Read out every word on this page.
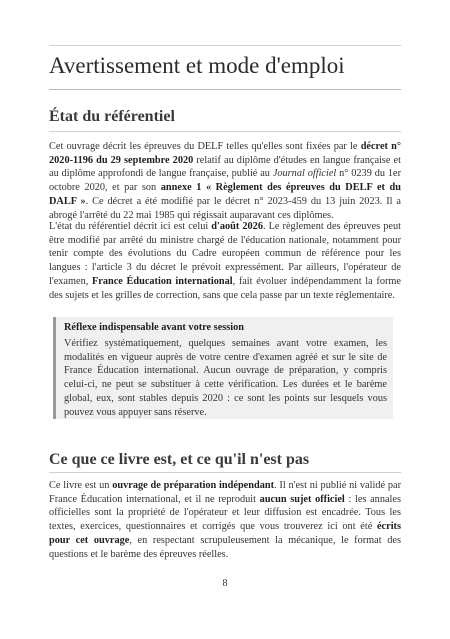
Avertissement et mode d'emploi
État du référentiel

Cet ouvrage décrit les épreuves du DELF telles qu'elles sont fixées par le décret n° 2020-1196 du 29 septembre 2020 relatif au diplôme d'études en langue française et au diplôme approfondi de langue française, publié au Journal officiel n° 0239 du 1er octobre 2020, et par son annexe 1 « Règlement des épreuves du DELF et du DALF ». Ce décret a été modifié par le décret n° 2023-459 du 13 juin 2023. Il a abrogé l'arrêté du 22 mai 1985 qui régissait auparavant ces diplômes.

L'état du référentiel décrit ici est celui d'août 2026. Le règlement des épreuves peut être modifié par arrêté du ministre chargé de l'éducation nationale, notamment pour tenir compte des évolutions du Cadre européen commun de référence pour les langues : l'article 3 du décret le prévoit expressément. Par ailleurs, l'opérateur de l'examen, France Éducation international, fait évoluer indépendamment la forme des sujets et les grilles de correction, sans que cela passe par un texte réglementaire.

Réflexe indispensable avant votre session

Vérifiez systématiquement, quelques semaines avant votre examen, les modalités en vigueur auprès de votre centre d'examen agréé et sur le site de France Éducation international. Aucun ouvrage de préparation, y compris celui-ci, ne peut se substituer à cette vérification. Les durées et le barème global, eux, sont stables depuis 2020 : ce sont les points sur lesquels vous pouvez vous appuyer sans réserve.

Ce que ce livre est, et ce qu'il n'est pas

Ce livre est un ouvrage de préparation indépendant. Il n'est ni publié ni validé par France Éducation international, et il ne reproduit aucun sujet officiel : les annales officielles sont la propriété de l'opérateur et leur diffusion est encadrée. Tous les textes, exercices, questionnaires et corrigés que vous trouverez ici ont été écrits pour cet ouvrage, en respectant scrupuleusement la mécanique, le format des questions et le barème des épreuves réelles.

8
